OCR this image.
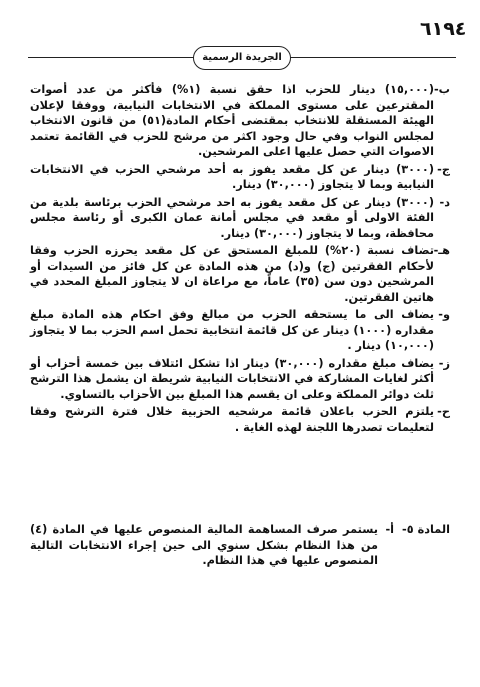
٦١٩٤
الجريدة الرسمية
ب-
(١٥,٠٠٠) دينار للحزب اذا حقق نسبة (١%) فأكثر من عدد أصوات المقترعين على مستوى المملكة في الانتخابات النيابية، ووفقا لإعلان الهيئة المستقلة للانتخاب بمقتضى أحكام المادة(٥١) من قانون الانتخاب لمجلس النواب وفي حال وجود اكثر من مرشح للحزب في القائمة تعتمد الاصوات التي حصل عليها اعلى المرشحين.
ج-
(٣٠٠٠) دينار عن كل مقعد يفوز به أحد مرشحي الحزب في الانتخابات النيابية وبما لا يتجاوز (٣٠,٠٠٠) دينار.
د-
(٣٠٠٠) دينار عن كل مقعد يفوز به احد مرشحي الحزب برئاسة بلدية من الفئة الاولى أو مقعد في مجلس أمانة عمان الكبرى أو رئاسة مجلس محافظة، وبما لا يتجاوز (٣٠,٠٠٠) دينار.
هـ-
تضاف نسبة (٢٠%) للمبلغ المستحق عن كل مقعد يحرزه الحزب وفقا لأحكام الفقرتين (ج) و(د) من هذه المادة عن كل فائز من السيدات أو المرشحين دون سن (٣٥) عاماً، مع مراعاة ان لا يتجاوز المبلغ المحدد في هاتين الفقرتين.
و-
يضاف الى ما يستحقه الحزب من مبالغ وفق احكام هذه المادة مبلغ مقداره (١٠٠٠) دينار عن كل قائمة انتخابية تحمل اسم الحزب بما لا يتجاوز (١٠,٠٠٠) دينار .
ز-
يضاف مبلغ مقداره (٣٠,٠٠٠) دينار اذا تشكل ائتلاف بين خمسة أحزاب أو أكثر لغايات المشاركة في الانتخابات النيابية شريطة ان يشمل هذا الترشح ثلث دوائر المملكة وعلى ان يقسم هذا المبلغ بين الأحزاب بالتساوي.
ح-
يلتزم الحزب باعلان قائمة مرشحيه الحزبية خلال فترة الترشح وفقا لتعليمات تصدرها اللجنة لهذه الغاية .
المادة ٥-
أ-
يستمر صرف المساهمة المالية المنصوص عليها في المادة (٤) من هذا النظام بشكل سنوي الى حين إجراء الانتخابات التالية المنصوص عليها في هذا النظام.
